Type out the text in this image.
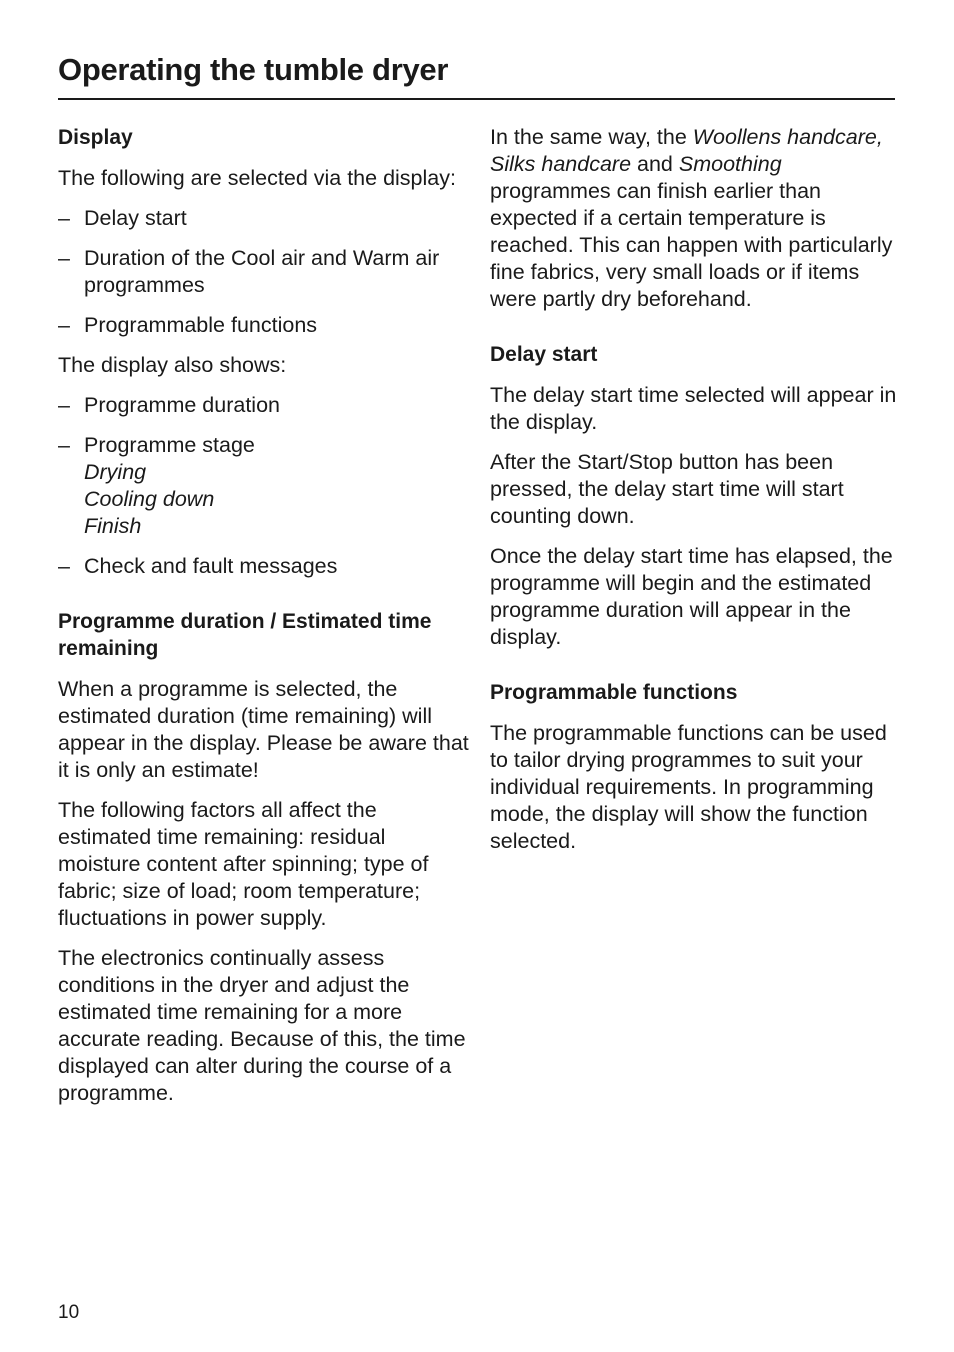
Operating the tumble dryer
Display

The following are selected via the display:

– Delay start
– Duration of the Cool air and Warm air programmes
– Programmable functions

The display also shows:

– Programme duration
– Programme stage
Drying
Cooling down
Finish
– Check and fault messages
Programme duration / Estimated time remaining

When a programme is selected, the estimated duration (time remaining) will appear in the display. Please be aware that it is only an estimate!

The following factors all affect the estimated time remaining: residual moisture content after spinning; type of fabric; size of load; room temperature; fluctuations in power supply.

The electronics continually assess conditions in the dryer and adjust the estimated time remaining for a more accurate reading. Because of this, the time displayed can alter during the course of a programme.

In the same way, the Woollens handcare, Silks handcare and Smoothing programmes can finish earlier than expected if a certain temperature is reached. This can happen with particularly fine fabrics, very small loads or if items were partly dry beforehand.

Delay start

The delay start time selected will appear in the display.

After the Start/Stop button has been pressed, the delay start time will start counting down.

Once the delay start time has elapsed, the programme will begin and the estimated programme duration will appear in the display.

Programmable functions

The programmable functions can be used to tailor drying programmes to suit your individual requirements. In programming mode, the display will show the function selected.

10
